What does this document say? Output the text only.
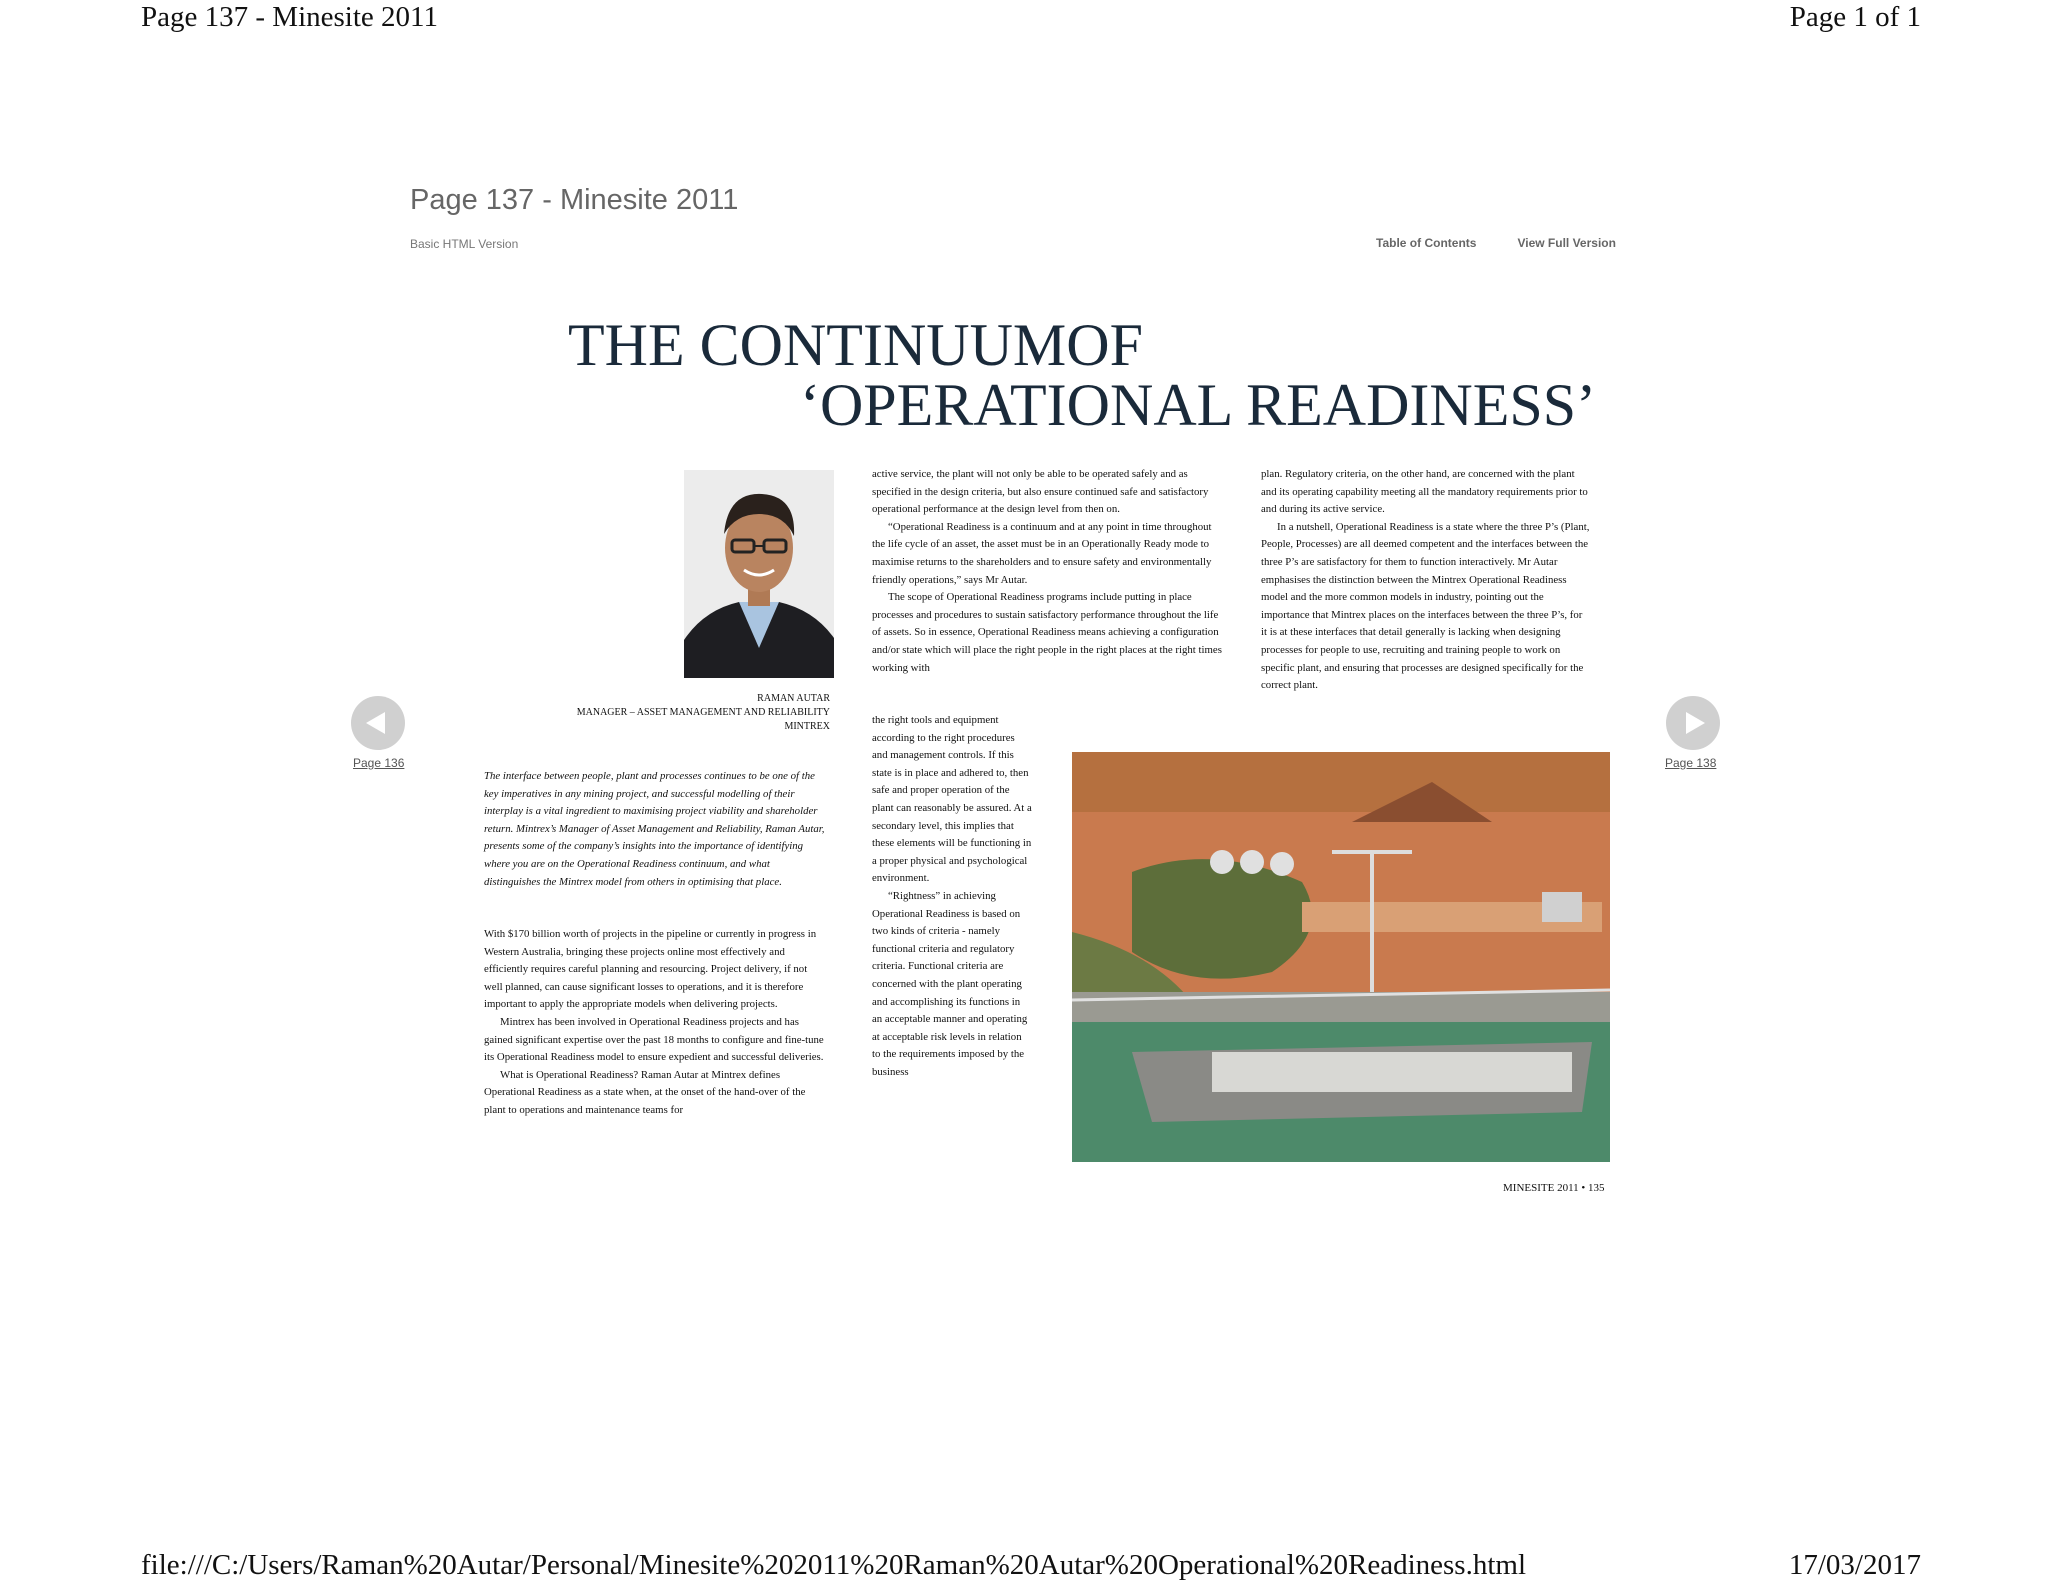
Page 137 - Minesite 2011	Page 1 of 1
Page 137 - Minesite 2011
Basic HTML Version	Table of Contents	View Full Version
Page 136	Page 138
THE CONTINUUMOF
‘OPERATIONAL READINESS’
RAMAN AUTAR
MANAGER – ASSET MANAGEMENT AND RELIABILITY
MINTREX
The interface between people, plant and processes continues to be one of the key imperatives in any mining project, and successful modelling of their interplay is a vital ingredient to maximising project viability and shareholder return. Mintrex’s Manager of Asset Management and Reliability, Raman Autar, presents some of the company’s insights into the importance of identifying where you are on the Operational Readiness continuum, and what distinguishes the Mintrex model from others in optimising that place.

With $170 billion worth of projects in the pipeline or currently in progress in Western Australia, bringing these projects online most effectively and efficiently requires careful planning and resourcing. Project delivery, if not well planned, can cause significant losses to operations, and it is therefore important to apply the appropriate models when delivering projects.

Mintrex has been involved in Operational Readiness projects and has gained significant expertise over the past 18 months to configure and fine-tune its Operational Readiness model to ensure expedient and successful deliveries.

What is Operational Readiness? Raman Autar at Mintrex defines Operational Readiness as a state when, at the onset of the hand-over of the plant to operations and maintenance teams for

active service, the plant will not only be able to be operated safely and as specified in the design criteria, but also ensure continued safe and satisfactory operational performance at the design level from then on.

“Operational Readiness is a continuum and at any point in time throughout the life cycle of an asset, the asset must be in an Operationally Ready mode to maximise returns to the shareholders and to ensure safety and environmentally friendly operations,” says Mr Autar.

The scope of Operational Readiness programs include putting in place processes and procedures to sustain satisfactory performance throughout the life of assets. So in essence, Operational Readiness means achieving a configuration and/or state which will place the right people in the right places at the right times working with

the right tools and equipment according to the right procedures and management controls. If this state is in place and adhered to, then safe and proper operation of the plant can reasonably be assured. At a secondary level, this implies that these elements will be functioning in a proper physical and psychological environment.

“Rightness” in achieving Operational Readiness is based on two kinds of criteria - namely functional criteria and regulatory criteria. Functional criteria are concerned with the plant operating and accomplishing its functions in an acceptable manner and operating at acceptable risk levels in relation to the requirements imposed by the business

plan. Regulatory criteria, on the other hand, are concerned with the plant and its operating capability meeting all the mandatory requirements prior to and during its active service.

In a nutshell, Operational Readiness is a state where the three P’s (Plant, People, Processes) are all deemed competent and the interfaces between the three P’s are satisfactory for them to function interactively. Mr Autar emphasises the distinction between the Mintrex Operational Readiness model and the more common models in industry, pointing out the importance that Mintrex places on the interfaces between the three P’s, for it is at these interfaces that detail generally is lacking when designing processes for people to use, recruiting and training people to work on specific plant, and ensuring that processes are designed specifically for the correct plant.

MINESITE 2011 • 135
file:///C:/Users/Raman%20Autar/Personal/Minesite%202011%20Raman%20Autar%20Operational%20Readiness.html	17/03/2017
